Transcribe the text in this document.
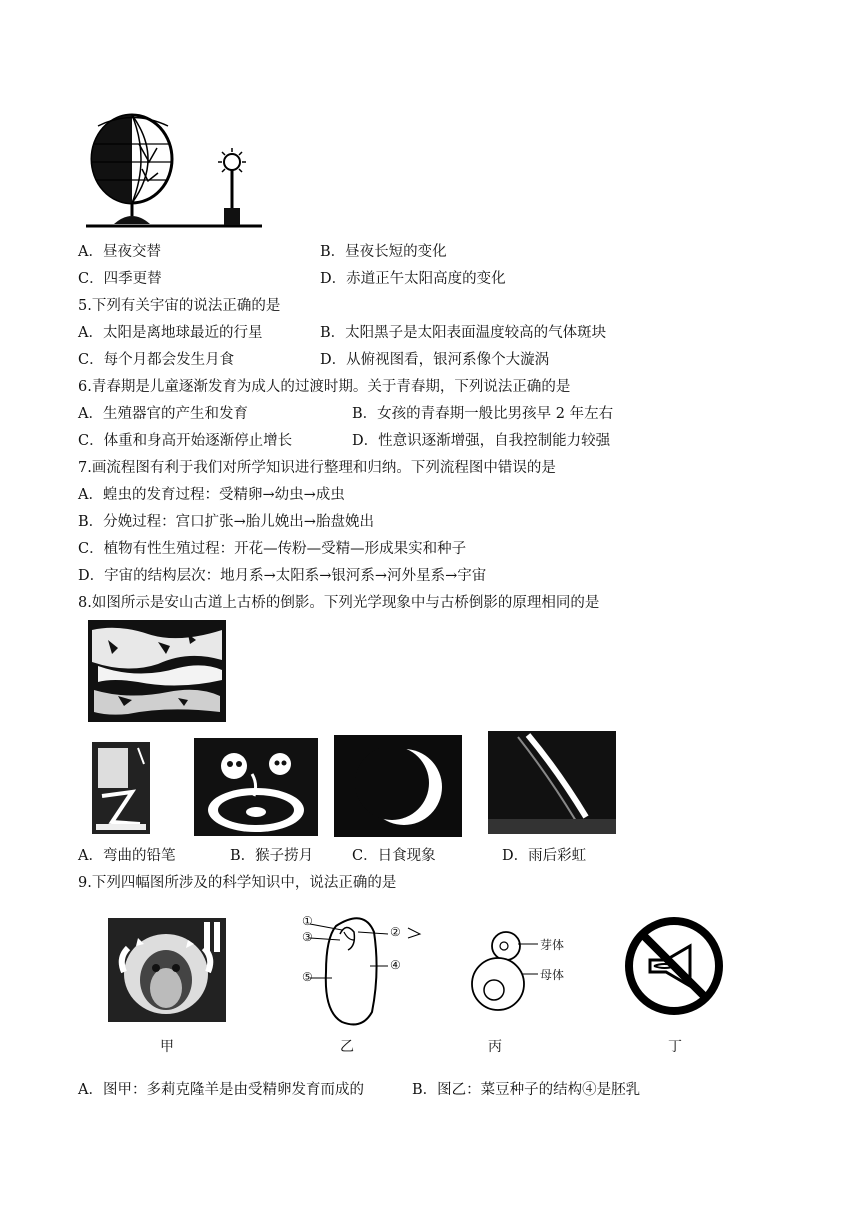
A．昼夜交替	B．昼夜长短的变化
C．四季更替	D．赤道正午太阳高度的变化
5.下列有关宇宙的说法正确的是
A．太阳是离地球最近的行星	B．太阳黑子是太阳表面温度较高的气体斑块
C．每个月都会发生月食	D．从俯视图看，银河系像个大漩涡
6.青春期是儿童逐渐发育为成人的过渡时期。关于青春期，下列说法正确的是
A．生殖器官的产生和发育	B．女孩的青春期一般比男孩早 2 年左右
C．体重和身高开始逐渐停止增长	D．性意识逐渐增强，自我控制能力较强
7.画流程图有利于我们对所学知识进行整理和归纳。下列流程图中错误的是
A．蝗虫的发育过程：受精卵→幼虫→成虫
B．分娩过程：宫口扩张→胎儿娩出→胎盘娩出
C．植物有性生殖过程：开花—传粉—受精—形成果实和种子
D．宇宙的结构层次：地月系→太阳系→银河系→河外星系→宇宙
8.如图所示是安山古道上古桥的倒影。下列光学现象中与古桥倒影的原理相同的是
A．弯曲的铅笔	B．猴子捞月	C．日食现象	D．雨后彩虹
9.下列四幅图所涉及的科学知识中，说法正确的是
甲
①
③
⑤
②
④
乙
芽体
母体
丙	丁
A．图甲：多莉克隆羊是由受精卵发育而成的	B．图乙：菜豆种子的结构④是胚乳
